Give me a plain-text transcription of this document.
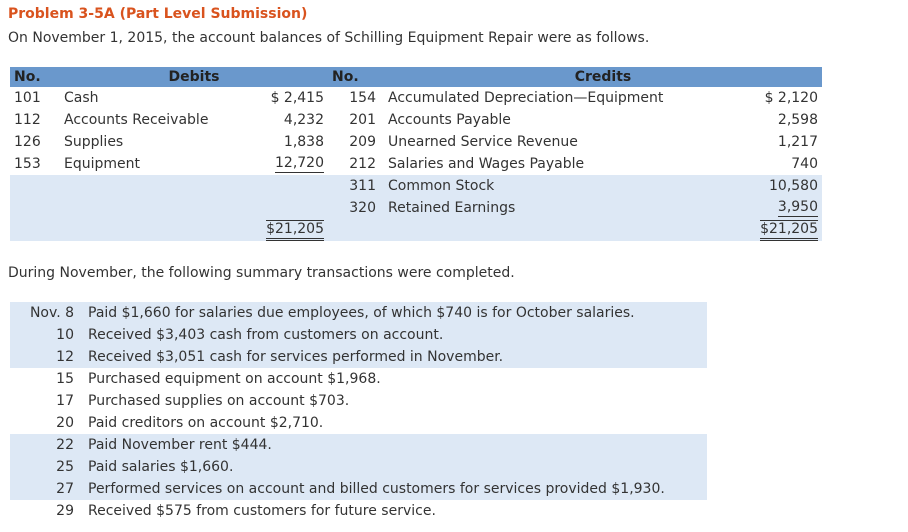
Problem 3-5A (Part Level Submission)
On November 1, 2015, the account balances of Schilling Equipment Repair were as follows.
No.	Debits		No.	Credits	
101	Cash	$ 2,415	154	Accumulated Depreciation—Equipment	$ 2,120
112	Accounts Receivable	4,232	201	Accounts Payable	2,598
126	Supplies	1,838	209	Unearned Service Revenue	1,217
153	Equipment	12,720	212	Salaries and Wages Payable	740
			311	Common Stock	10,580
			320	Retained Earnings	3,950
		$21,205			$21,205
During November, the following summary transactions were completed.
Nov. 8	Paid $1,660 for salaries due employees, of which $740 is for October salaries.
10	Received $3,403 cash from customers on account.
12	Received $3,051 cash for services performed in November.
15	Purchased equipment on account $1,968.
17	Purchased supplies on account $703.
20	Paid creditors on account $2,710.
22	Paid November rent $444.
25	Paid salaries $1,660.
27	Performed services on account and billed customers for services provided $1,930.
29	Received $575 from customers for future service.
